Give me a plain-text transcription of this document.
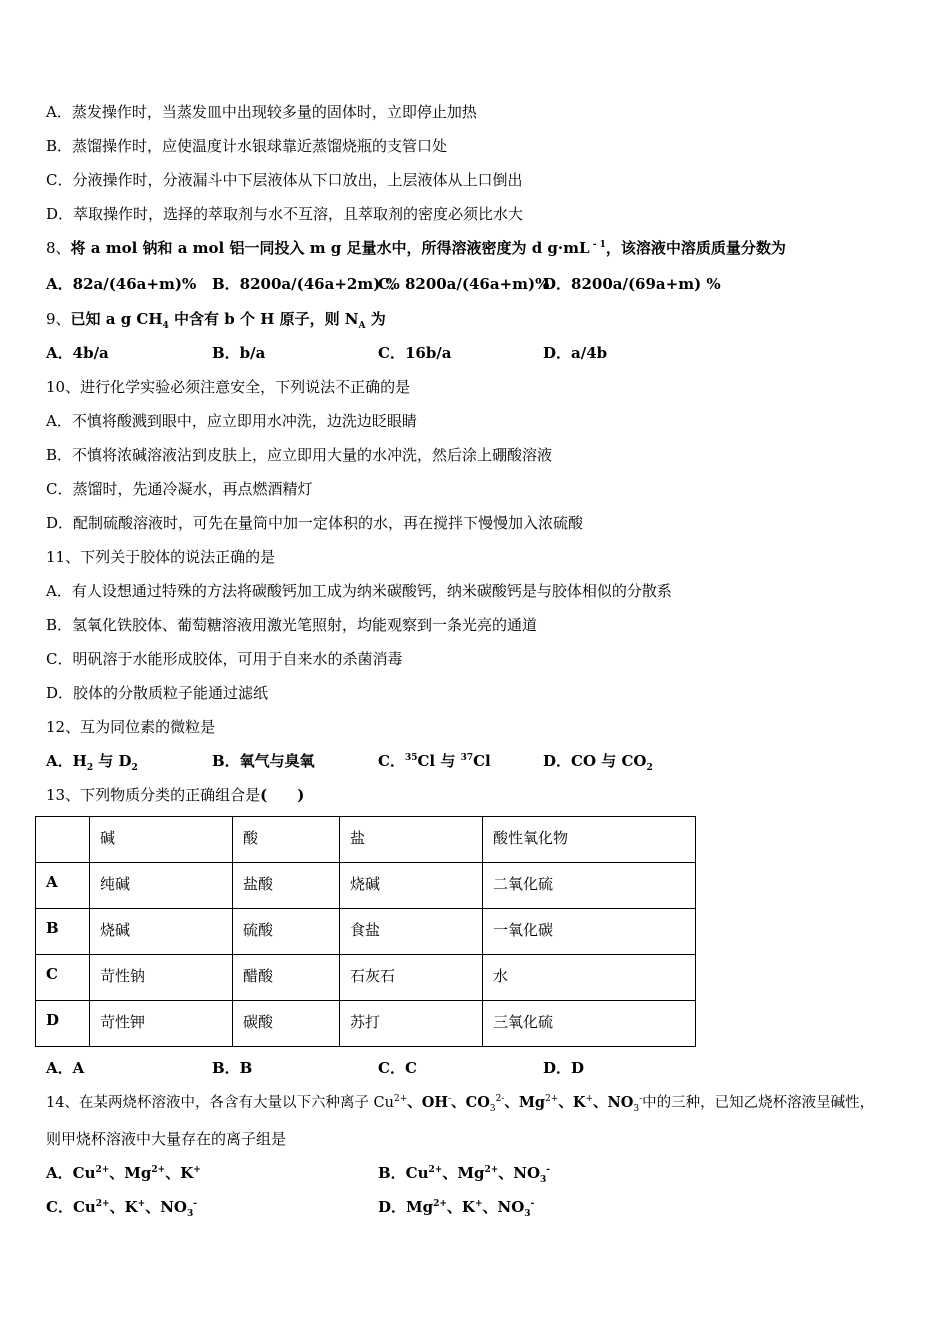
A．蒸发操作时，当蒸发皿中出现较多量的固体时，立即停止加热
B．蒸馏操作时，应使温度计水银球靠近蒸馏烧瓶的支管口处
C．分液操作时，分液漏斗中下层液体从下口放出，上层液体从上口倒出
D．萃取操作时，选择的萃取剂与水不互溶，且萃取剂的密度必须比水大
8、将 a mol 钠和 a mol 铝一同投入 m g 足量水中，所得溶液密度为 d g·mL $^{- 1}$，该溶液中溶质质量分数为
A．82a/(46a+m)% B．8200a/(46a+2m) %
C．8200a/(46a+m)%
D．8200a/(69a+m) %
9、已知 a g $CH_4$ 中含有 b 个 H 原子，则 $N_A$ 为
A．4b/a	B．b/a	C．16b/a	D．a/4b
10、进行化学实验必须注意安全，下列说法不正确的是
A．不慎将酸溅到眼中，应立即用水冲洗，边洗边眨眼睛
B．不慎将浓碱溶液沾到皮肤上，应立即用大量的水冲洗，然后涂上硼酸溶液
C．蒸馏时，先通冷凝水，再点燃酒精灯
D．配制硫酸溶液时，可先在量筒中加一定体积的水，再在搅拌下慢慢加入浓硫酸
11、下列关于胶体的说法正确的是
A．有人设想通过特殊的方法将碳酸钙加工成为纳米碳酸钙，纳米碳酸钙是与胶体相似的分散系
B．氢氧化铁胶体、葡萄糖溶液用激光笔照射，均能观察到一条光亮的通道
C．明矾溶于水能形成胶体，可用于自来水的杀菌消毒
D．胶体的分散质粒子能通过滤纸
12、互为同位素的微粒是
A．$H_2$ 与 $D_2$	B．氧气与臭氧	C．$^{35}$Cl 与 $^{37}$Cl	D．CO 与 $CO_2$
13、下列物质分类的正确组合是(　　)
	碱	酸	盐	酸性氧化物
A	纯碱	盐酸	烧碱	二氧化硫
B	烧碱	硫酸	食盐	一氧化碳
C	苛性钠	醋酸	石灰石	水
D	苛性钾	碳酸	苏打	三氧化硫
A．A	B．B	C．C	D．D
14、在某两烧杯溶液中，各含有大量以下六种离子 $Cu^{2+}$、OH-、$CO_3^{2-}$、$Mg^{2+}$、K+、$NO_3^-$中的三种，已知乙烧杯溶液呈碱性，
则甲烧杯溶液中大量存在的离子组是
A．$Cu^{2+}$、$Mg^{2+}$、K+	B．$Cu^{2+}$、$Mg^{2+}$、$NO_3^-$
C．$Cu^{2+}$、K+、$NO_3^-$	D．$Mg^{2+}$、K+、$NO_3^-$
